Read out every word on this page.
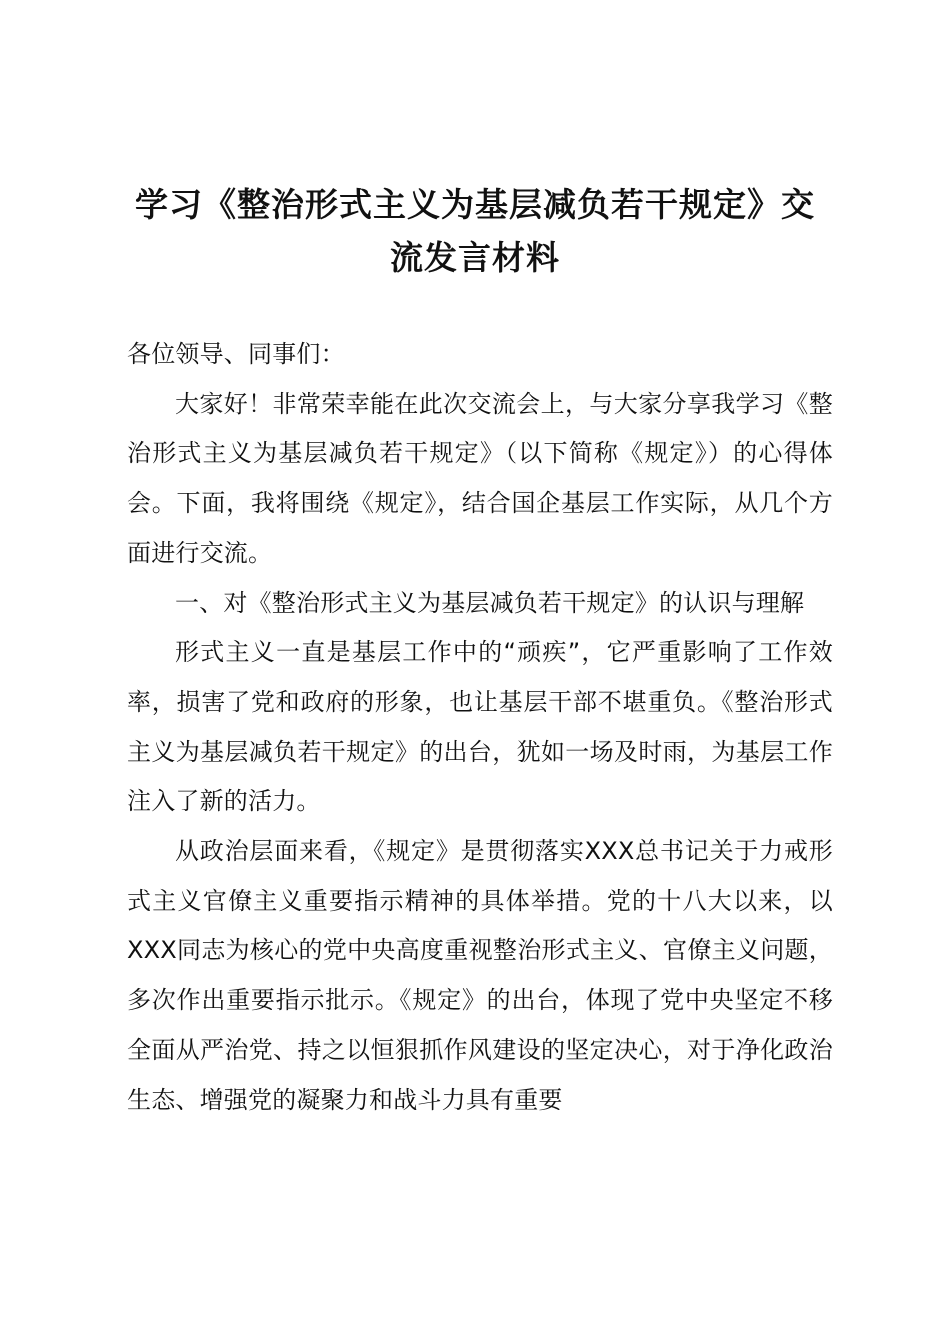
学习《整治形式主义为基层减负若干规定》交流发言材料

各位领导、同事们：

大家好！非常荣幸能在此次交流会上，与大家分享我学习《整治形式主义为基层减负若干规定》（以下简称《规定》）的心得体会。下面，我将围绕《规定》，结合国企基层工作实际，从几个方面进行交流。

一、对《整治形式主义为基层减负若干规定》的认识与理解

形式主义一直是基层工作中的“顽疾”，它严重影响了工作效率，损害了党和政府的形象，也让基层干部不堪重负。《整治形式主义为基层减负若干规定》的出台，犹如一场及时雨，为基层工作注入了新的活力。

从政治层面来看，《规定》是贯彻落实XXX总书记关于力戒形式主义官僚主义重要指示精神的具体举措。党的十八大以来，以XXX同志为核心的党中央高度重视整治形式主义、官僚主义问题，多次作出重要指示批示。《规定》的出台，体现了党中央坚定不移全面从严治党、持之以恒狠抓作风建设的坚定决心，对于净化政治生态、增强党的凝聚力和战斗力具有重要
